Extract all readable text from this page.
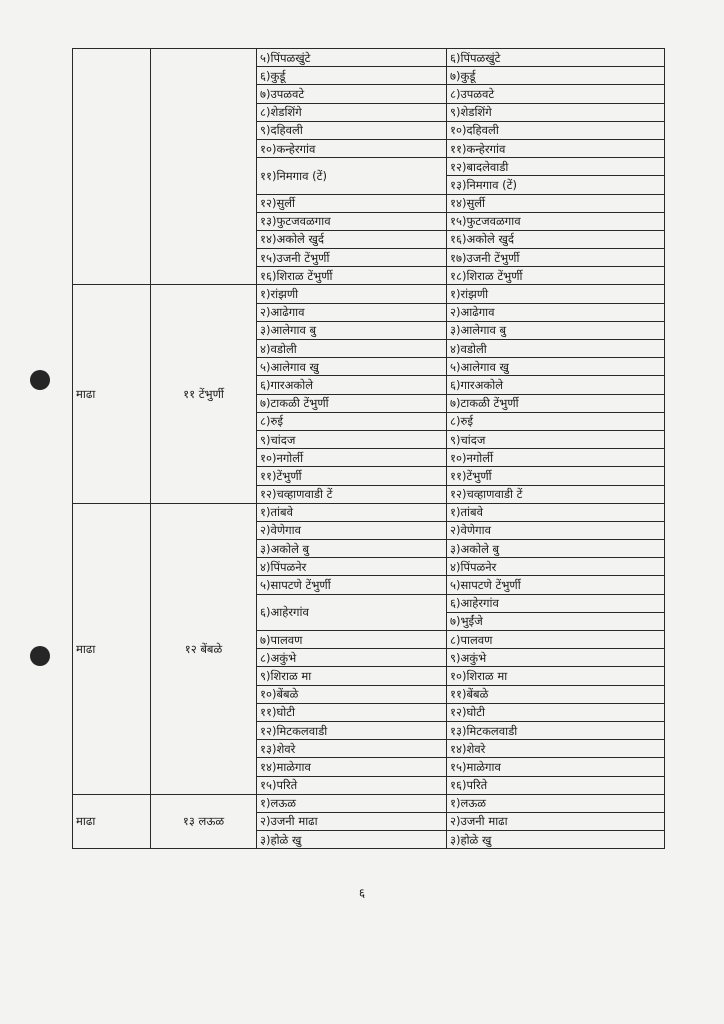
		५)पिंपळखुंटे	६)पिंपळखुंटे
		६)कुर्डू	७)कुर्डू
		७)उपळवटे	८)उपळवटे
		८)शेडशिंगे	९)शेडशिंगे
		९)दहिवली	१०)दहिवली
		१०)कन्हेरगांव	११)कन्हेरगांव
		११)निमगाव (टें)	१२)बादलेवाडी
			१३)निमगाव (टें)
		१२)सुर्ली	१४)सुर्ली
		१३)फुटजवळगाव	१५)फुटजवळगाव
		१४)अकोले खुर्द	१६)अकोले खुर्द
		१५)उजनी टेंभुर्णी	१७)उजनी टेंभुर्णी
		१६)शिराळ टेंभुर्णी	१८)शिराळ टेंभुर्णी
माढा	११ टेंभुर्णी	१)रांझणी	१)रांझणी
		२)आढेगाव	२)आढेगाव
		३)आलेगाव बु	३)आलेगाव बु
		४)वडोली	४)वडोली
		५)आलेगाव खु	५)आलेगाव खु
		६)गारअकोले	६)गारअकोले
		७)टाकळी टेंभुर्णी	७)टाकळी टेंभुर्णी
		८)रुई	८)रुई
		९)चांदज	९)चांदज
		१०)नगोर्ली	१०)नगोर्ली
		११)टेंभुर्णी	११)टेंभुर्णी
		१२)चव्हाणवाडी टें	१२)चव्हाणवाडी टें
माढा	१२ बेंबळे	१)तांबवे	१)तांबवे
		२)वेणेगाव	२)वेणेगाव
		३)अकोले बु	३)अकोले बु
		४)पिंपळनेर	४)पिंपळनेर
		५)सापटणे टेंभुर्णी	५)सापटणे टेंभुर्णी
		६)आहेरगांव	६)आहेरगांव
			७)भुईंजे
		७)पालवण	८)पालवण
		८)अकुंभे	९)अकुंभे
		९)शिराळ मा	१०)शिराळ मा
		१०)बेंबळे	११)बेंबळे
		११)घोटी	१२)घोटी
		१२)मिटकलवाडी	१३)मिटकलवाडी
		१३)शेवरे	१४)शेवरे
		१४)माळेगाव	१५)माळेगाव
		१५)परिते	१६)परिते
माढा	१३ लऊळ	१)लऊळ	१)लऊळ
		२)उजनी माढा	२)उजनी माढा
		३)होळे खु	३)होळे खु
६
